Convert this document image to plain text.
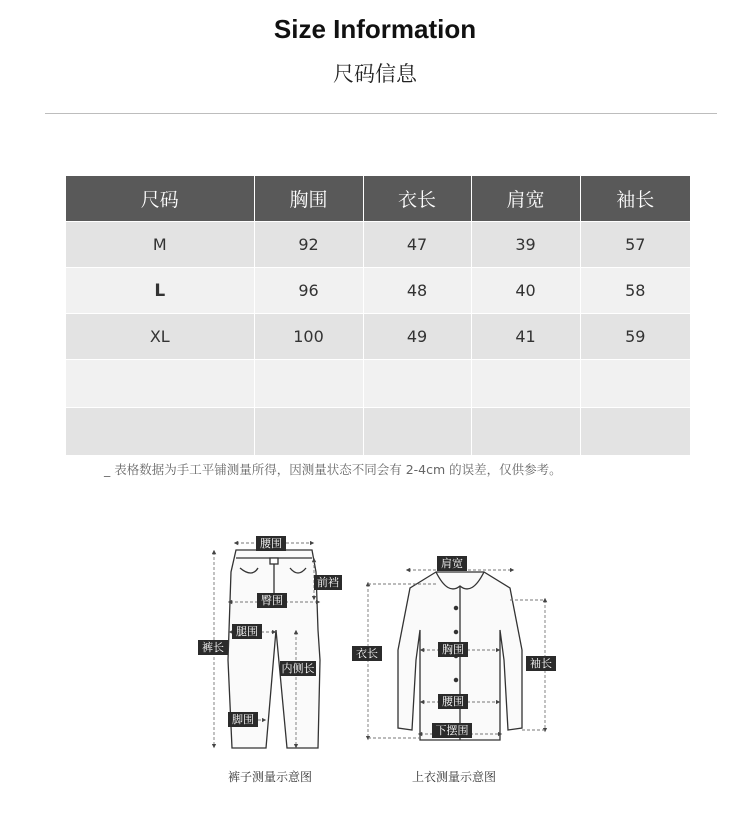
Size Information
尺码信息
尺码	胸围	衣长	肩宽	袖长
M	92	47	39	57
L	96	48	40	58
XL	100	49	41	59

_ 表格数据为手工平铺测量所得，因测量状态不同会有 2-4cm 的误差，仅供参考。
腰围
前裆
臀围
腿围
裤长
内侧长
脚围
肩宽
衣长	胸围
袖长
腰围
下摆围
裤子测量示意图	上衣测量示意图
